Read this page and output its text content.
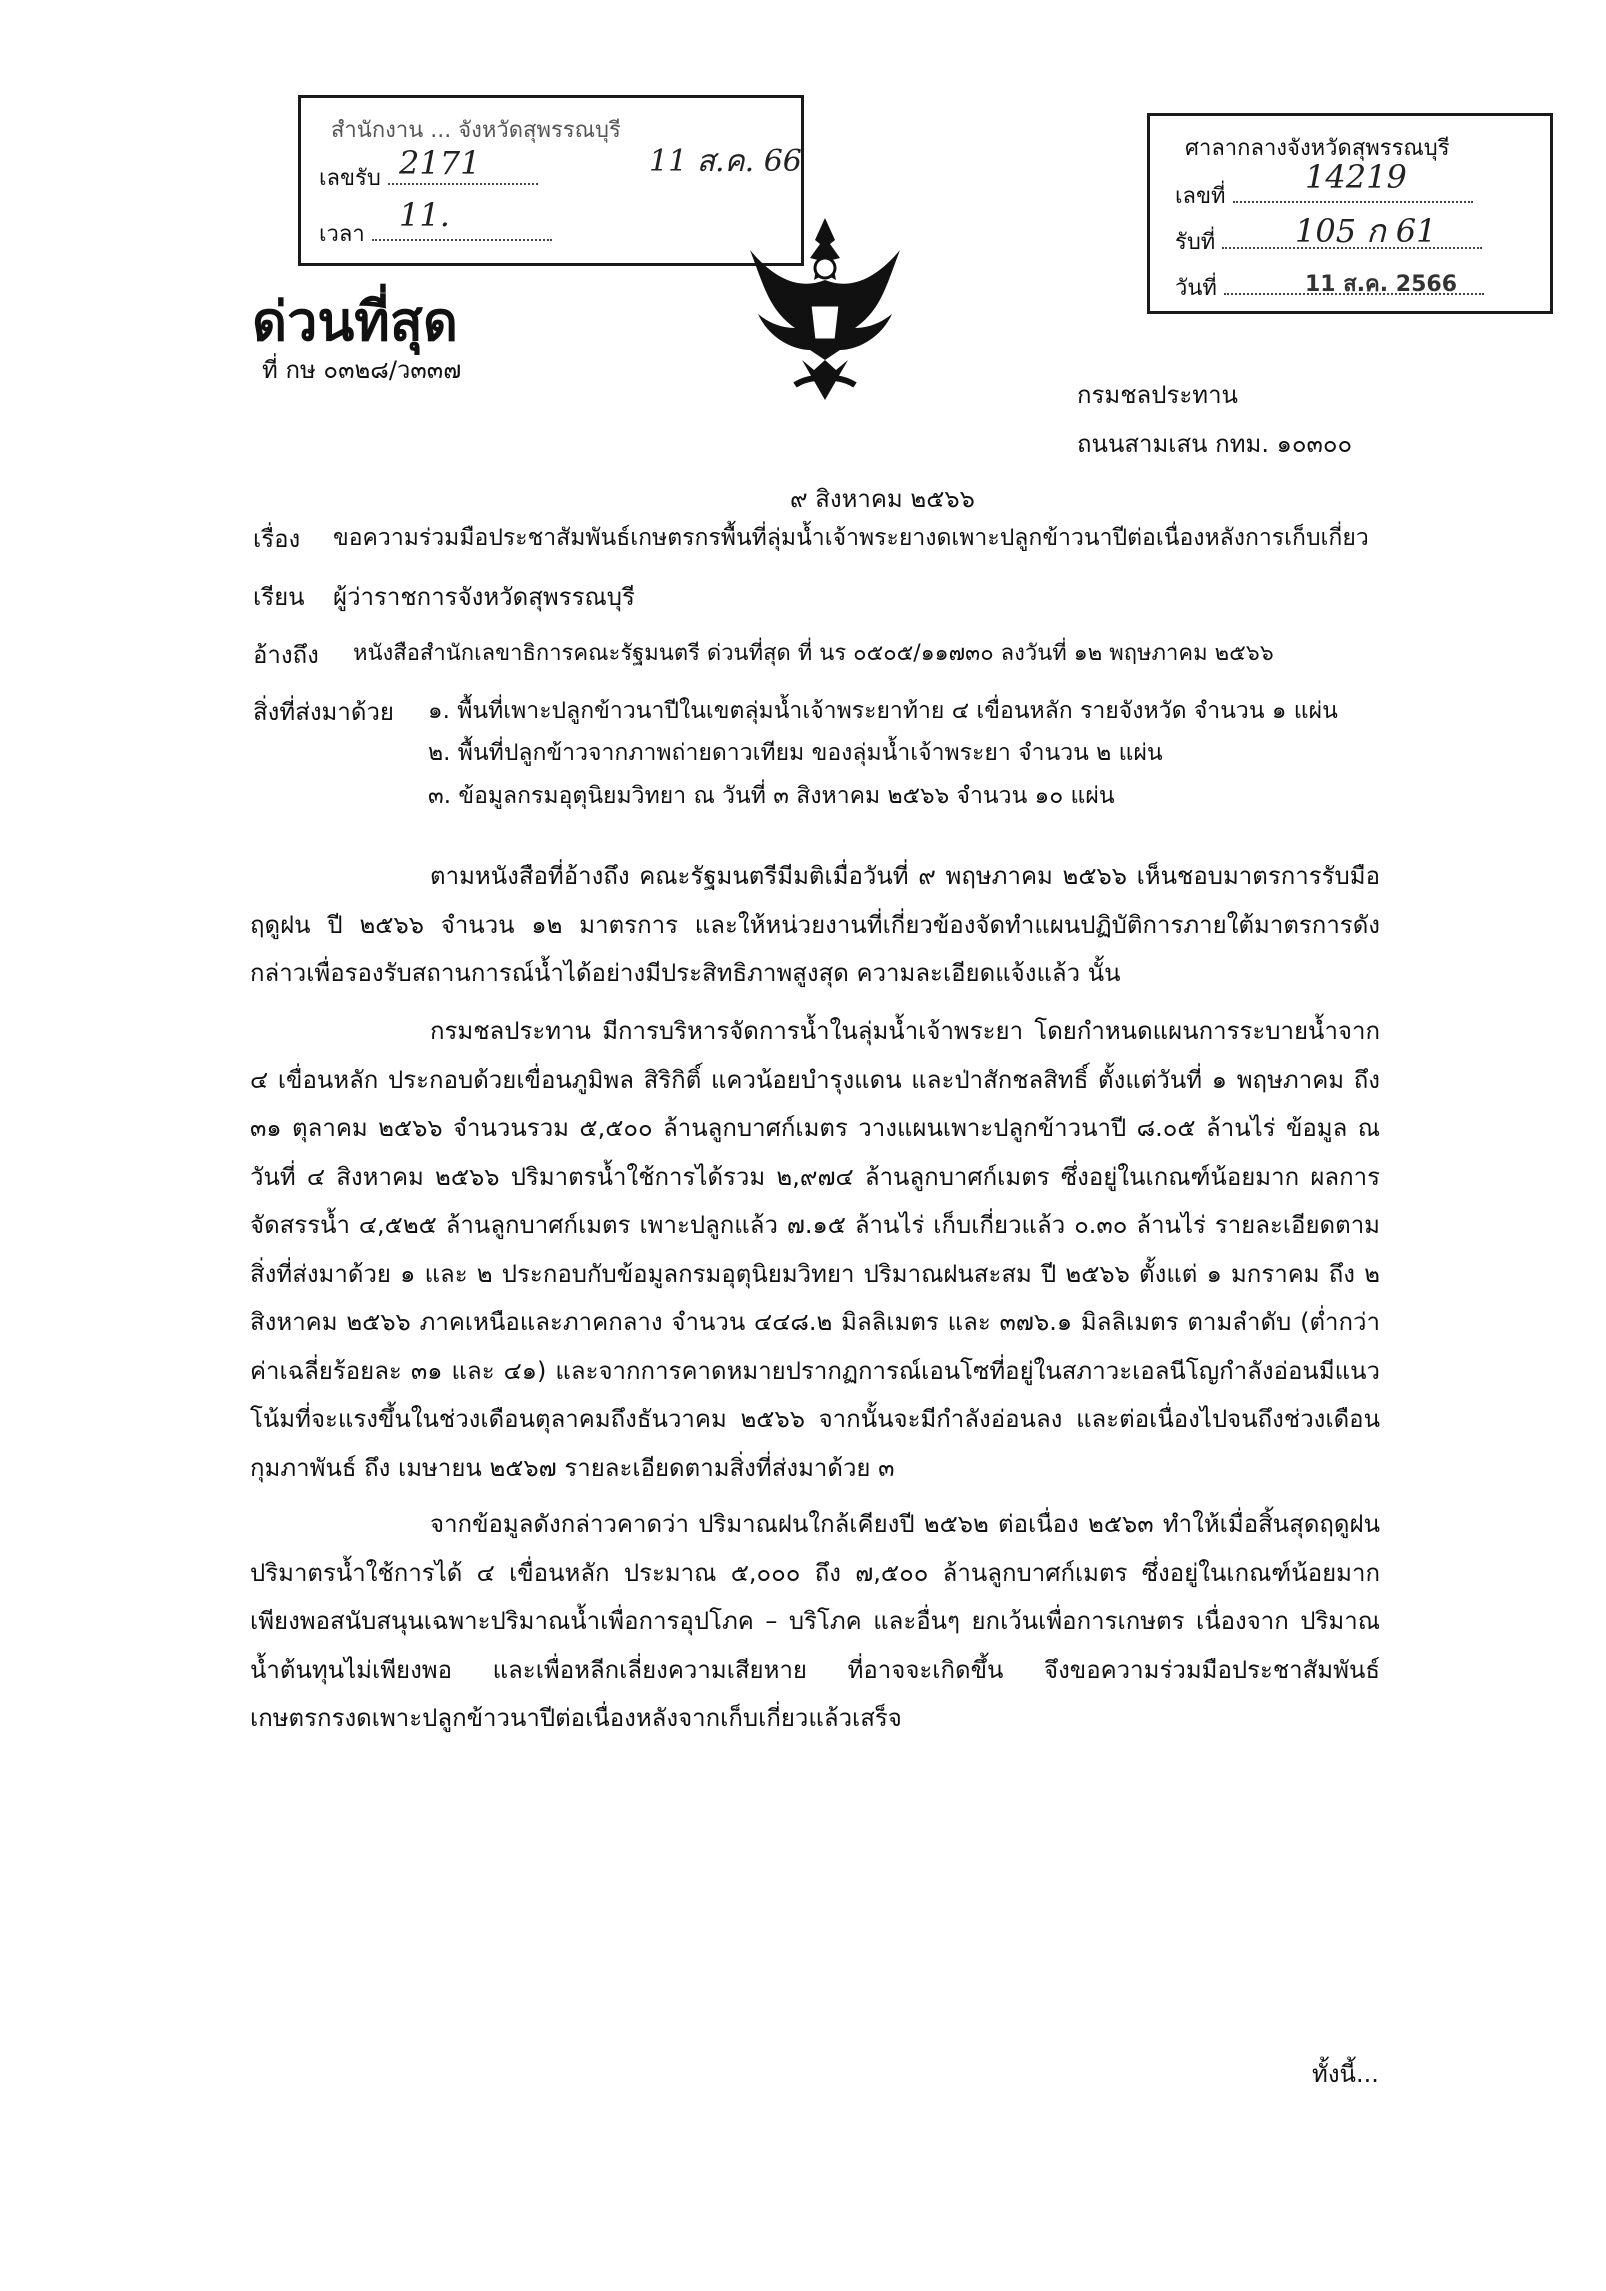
สำนักงาน ... จังหวัดสุพรรณบุรี
เลขรับ 2171	11 ส.ค. 66
เวลา
11.
ศาลากลางจังหวัดสุพรรณบุรี
เลขที่
14219
รับที่ 105 ก 61
วันที่	11 ส.ค. 2566
ด่วนที่สุด
ที่ กษ ๐๓๒๘/ว๓๓๗
กรมชลประทาน
ถนนสามเสน กทม. ๑๐๓๐๐
๙ สิงหาคม ๒๕๖๖
เรื่อง ขอความร่วมมือประชาสัมพันธ์เกษตรกรพื้นที่ลุ่มน้ำเจ้าพระยางดเพาะปลูกข้าวนาปีต่อเนื่องหลังการเก็บเกี่ยว
เรียน ผู้ว่าราชการจังหวัดสุพรรณบุรี
อ้างถึง หนังสือสำนักเลขาธิการคณะรัฐมนตรี ด่วนที่สุด ที่ นร ๐๕๐๕/๑๑๗๓๐ ลงวันที่ ๑๒ พฤษภาคม ๒๕๖๖
สิ่งที่ส่งมาด้วย ๑. พื้นที่เพาะปลูกข้าวนาปีในเขตลุ่มน้ำเจ้าพระยาท้าย ๔ เขื่อนหลัก รายจังหวัด จำนวน ๑ แผ่น
๒. พื้นที่ปลูกข้าวจากภาพถ่ายดาวเทียม ของลุ่มน้ำเจ้าพระยา จำนวน ๒ แผ่น
๓. ข้อมูลกรมอุตุนิยมวิทยา ณ วันที่ ๓ สิงหาคม ๒๕๖๖ จำนวน ๑๐ แผ่น
ตามหนังสือที่อ้างถึง คณะรัฐมนตรีมีมติเมื่อวันที่ ๙ พฤษภาคม ๒๕๖๖ เห็นชอบมาตรการรับมือฤดูฝน ปี ๒๕๖๖ จำนวน ๑๒ มาตรการ และให้หน่วยงานที่เกี่ยวข้องจัดทำแผนปฏิบัติการภายใต้มาตรการดังกล่าวเพื่อรองรับสถานการณ์น้ำได้อย่างมีประสิทธิภาพสูงสุด ความละเอียดแจ้งแล้ว นั้น
กรมชลประทาน มีการบริหารจัดการน้ำในลุ่มน้ำเจ้าพระยา โดยกำหนดแผนการระบายน้ำจาก ๔ เขื่อนหลัก ประกอบด้วยเขื่อนภูมิพล สิริกิติ์ แควน้อยบำรุงแดน และป่าสักชลสิทธิ์ ตั้งแต่วันที่ ๑ พฤษภาคม ถึง ๓๑ ตุลาคม ๒๕๖๖ จำนวนรวม ๕,๕๐๐ ล้านลูกบาศก์เมตร วางแผนเพาะปลูกข้าวนาปี ๘.๐๕ ล้านไร่ ข้อมูล ณ วันที่ ๔ สิงหาคม ๒๕๖๖ ปริมาตรน้ำใช้การได้รวม ๒,๙๗๔ ล้านลูกบาศก์เมตร ซึ่งอยู่ในเกณฑ์น้อยมาก ผลการจัดสรรน้ำ ๔,๕๒๕ ล้านลูกบาศก์เมตร เพาะปลูกแล้ว ๗.๑๕ ล้านไร่ เก็บเกี่ยวแล้ว ๐.๓๐ ล้านไร่ รายละเอียดตามสิ่งที่ส่งมาด้วย ๑ และ ๒ ประกอบกับข้อมูลกรมอุตุนิยมวิทยา ปริมาณฝนสะสม ปี ๒๕๖๖ ตั้งแต่ ๑ มกราคม ถึง ๒ สิงหาคม ๒๕๖๖ ภาคเหนือและภาคกลาง จำนวน ๔๔๘.๒ มิลลิเมตร และ ๓๗๖.๑ มิลลิเมตร ตามลำดับ (ต่ำกว่าค่าเฉลี่ยร้อยละ ๓๑ และ ๔๑) และจากการคาดหมายปรากฏการณ์เอนโซที่อยู่ในสภาวะเอลนีโญกำลังอ่อนมีแนวโน้มที่จะแรงขึ้นในช่วงเดือนตุลาคมถึงธันวาคม ๒๕๖๖ จากนั้นจะมีกำลังอ่อนลง และต่อเนื่องไปจนถึงช่วงเดือนกุมภาพันธ์ ถึง เมษายน ๒๕๖๗ รายละเอียดตามสิ่งที่ส่งมาด้วย ๓
จากข้อมูลดังกล่าวคาดว่า ปริมาณฝนใกล้เคียงปี ๒๕๖๒ ต่อเนื่อง ๒๕๖๓ ทำให้เมื่อสิ้นสุดฤดูฝน ปริมาตรน้ำใช้การได้ ๔ เขื่อนหลัก ประมาณ ๕,๐๐๐ ถึง ๗,๕๐๐ ล้านลูกบาศก์เมตร ซึ่งอยู่ในเกณฑ์น้อยมาก เพียงพอสนับสนุนเฉพาะปริมาณน้ำเพื่อการอุปโภค – บริโภค และอื่นๆ ยกเว้นเพื่อการเกษตร เนื่องจาก ปริมาณน้ำต้นทุนไม่เพียงพอ และเพื่อหลีกเลี่ยงความเสียหาย ที่อาจจะเกิดขึ้น จึงขอความร่วมมือประชาสัมพันธ์ เกษตรกรงดเพาะปลูกข้าวนาปีต่อเนื่องหลังจากเก็บเกี่ยวแล้วเสร็จ
ทั้งนี้...
